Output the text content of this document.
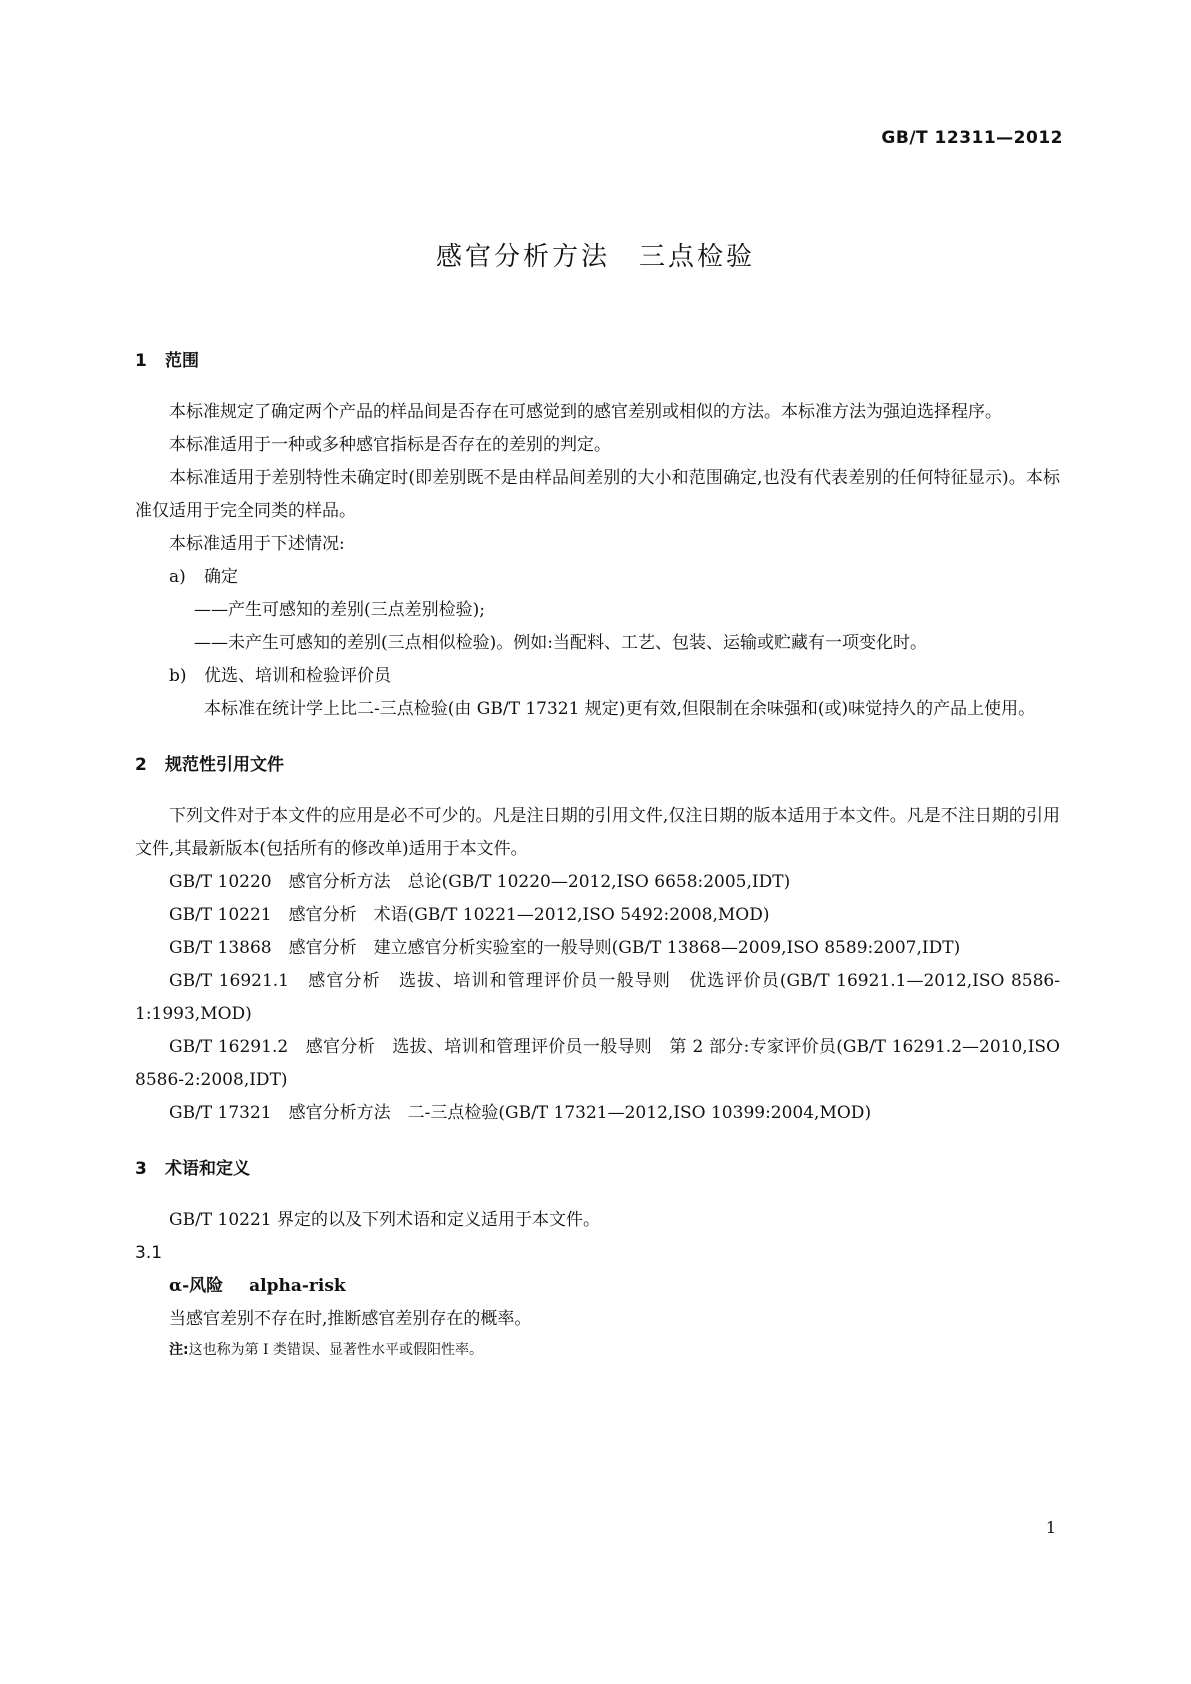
GB/T 12311—2012
感官分析方法　三点检验
1 范围

本标准规定了确定两个产品的样品间是否存在可感觉到的感官差别或相似的方法。本标准方法为强迫选择程序。

本标准适用于一种或多种感官指标是否存在的差别的判定。

本标准适用于差别特性未确定时(即差别既不是由样品间差别的大小和范围确定,也没有代表差别的任何特征显示)。本标准仅适用于完全同类的样品。

本标准适用于下述情况:

a) 确定
——产生可感知的差别(三点差别检验);
——未产生可感知的差别(三点相似检验)。例如:当配料、工艺、包装、运输或贮藏有一项变化时。
b) 优选、培训和检验评价员
本标准在统计学上比二-三点检验(由 GB/T 17321 规定)更有效,但限制在余味强和(或)味觉持久的产品上使用。
2 规范性引用文件

下列文件对于本文件的应用是必不可少的。凡是注日期的引用文件,仅注日期的版本适用于本文件。凡是不注日期的引用文件,其最新版本(包括所有的修改单)适用于本文件。

GB/T 10220　感官分析方法　总论(GB/T 10220—2012,ISO 6658:2005,IDT)
GB/T 10221　感官分析　术语(GB/T 10221—2012,ISO 5492:2008,MOD)
GB/T 13868　感官分析　建立感官分析实验室的一般导则(GB/T 13868—2009,ISO 8589:2007,IDT)
GB/T 16921.1　感官分析　选拔、培训和管理评价员一般导则　优选评价员(GB/T 16921.1—2012,ISO 8586-1:1993,MOD)
GB/T 16291.2　感官分析　选拔、培训和管理评价员一般导则　第 2 部分:专家评价员(GB/T 16291.2—2010,ISO 8586-2:2008,IDT)
GB/T 17321　感官分析方法　二-三点检验(GB/T 17321—2012,ISO 10399:2004,MOD)
3 术语和定义

GB/T 10221 界定的以及下列术语和定义适用于本文件。

3.1
α-风险 alpha-risk

当感官差别不存在时,推断感官差别存在的概率。

注:这也称为第 Ⅰ 类错误、显著性水平或假阳性率。
1
